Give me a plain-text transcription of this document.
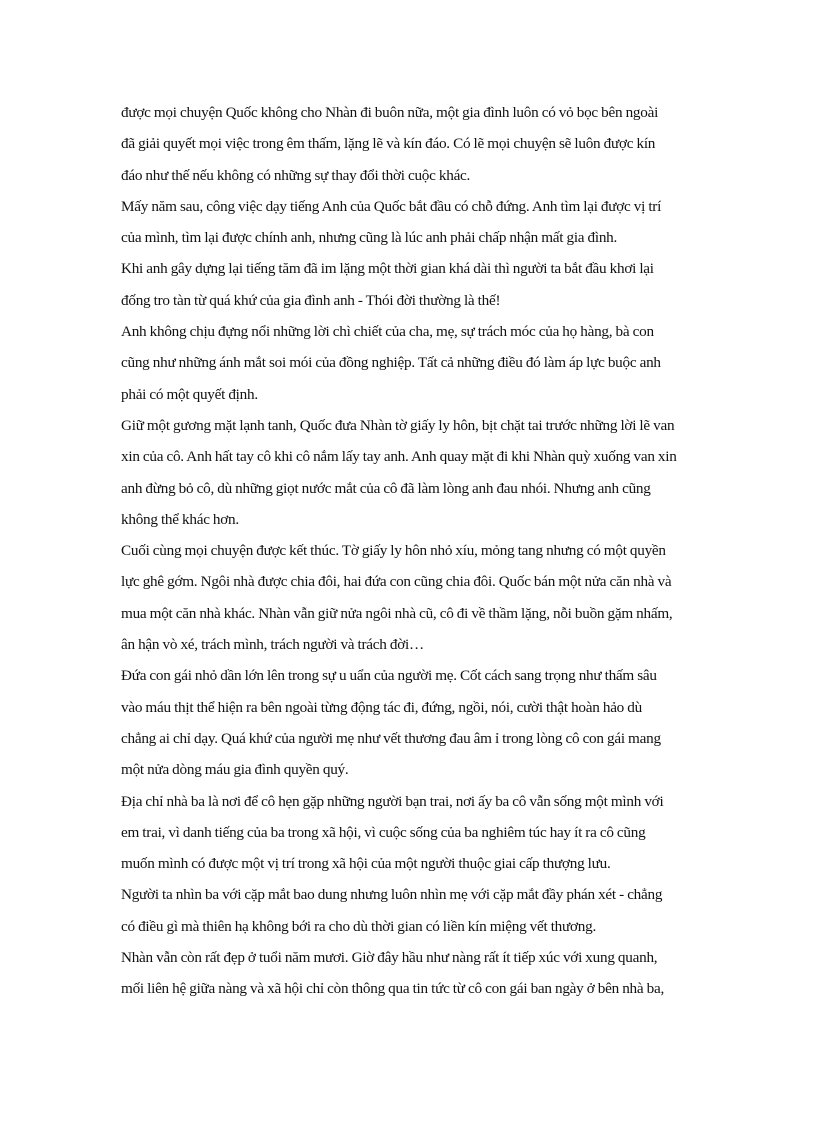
được mọi chuyện Quốc không cho Nhàn đi buôn nữa, một gia đình luôn có vỏ bọc bên ngoài
đã giải quyết mọi việc trong êm thấm, lặng lẽ và kín đáo. Có lẽ mọi chuyện sẽ luôn được kín
đáo như thế nếu không có những sự thay đổi thời cuộc khác.
Mấy năm sau, công việc dạy tiếng Anh của Quốc bắt đầu có chỗ đứng. Anh tìm lại được vị trí
của mình, tìm lại được chính anh, nhưng cũng là lúc anh phải chấp nhận mất gia đình.
Khi anh gây dựng lại tiếng tăm đã im lặng một thời gian khá dài thì người ta bắt đầu khơi lại
đống tro tàn từ quá khứ của gia đình anh - Thói đời thường là thế!
Anh không chịu đựng nổi những lời chì chiết của cha, mẹ, sự trách móc của họ hàng, bà con
cũng như những ánh mắt soi mói của đồng nghiệp. Tất cả những điều đó làm áp lực buộc anh
phải có một quyết định.
Giữ một gương mặt lạnh tanh, Quốc đưa Nhàn tờ giấy ly hôn, bịt chặt tai trước những lời lẽ van
xin của cô. Anh hất tay cô khi cô nắm lấy tay anh. Anh quay mặt đi khi Nhàn quỳ xuống van xin
anh đừng bỏ cô, dù những giọt nước mắt của cô đã làm lòng anh đau nhói. Nhưng anh cũng
không thể khác hơn.
Cuối cùng mọi chuyện được kết thúc. Tờ giấy ly hôn nhỏ xíu, mỏng tang nhưng có một quyền
lực ghê gớm. Ngôi nhà được chia đôi, hai đứa con cũng chia đôi. Quốc bán một nửa căn nhà và
mua một căn nhà khác. Nhàn vẫn giữ nửa ngôi nhà cũ, cô đi về thầm lặng, nỗi buồn gặm nhấm,
ân hận vò xé, trách mình, trách người và trách đời…
Đứa con gái nhỏ dần lớn lên trong sự u uẩn của người mẹ. Cốt cách sang trọng như thấm sâu
vào máu thịt thể hiện ra bên ngoài từng động tác đi, đứng, ngồi, nói, cười thật hoàn hảo dù
chẳng ai chỉ dạy. Quá khứ của người mẹ như vết thương đau âm ỉ trong lòng cô con gái mang
một nửa dòng máu gia đình quyền quý.
Địa chỉ nhà ba là nơi để cô hẹn gặp những người bạn trai, nơi ấy ba cô vẫn sống một mình với
em trai, vì danh tiếng của ba trong xã hội, vì cuộc sống của ba nghiêm túc hay ít ra cô cũng
muốn mình có được một vị trí trong xã hội của một người thuộc giai cấp thượng lưu.
Người ta nhìn ba với cặp mắt bao dung nhưng luôn nhìn mẹ với cặp mắt đầy phán xét - chẳng
có điều gì mà thiên hạ không bới ra cho dù thời gian có liền kín miệng vết thương.
Nhàn vẫn còn rất đẹp ở tuổi năm mươi. Giờ đây hầu như nàng rất ít tiếp xúc với xung quanh,
mối liên hệ giữa nàng và xã hội chỉ còn thông qua tin tức từ cô con gái ban ngày ở bên nhà ba,
